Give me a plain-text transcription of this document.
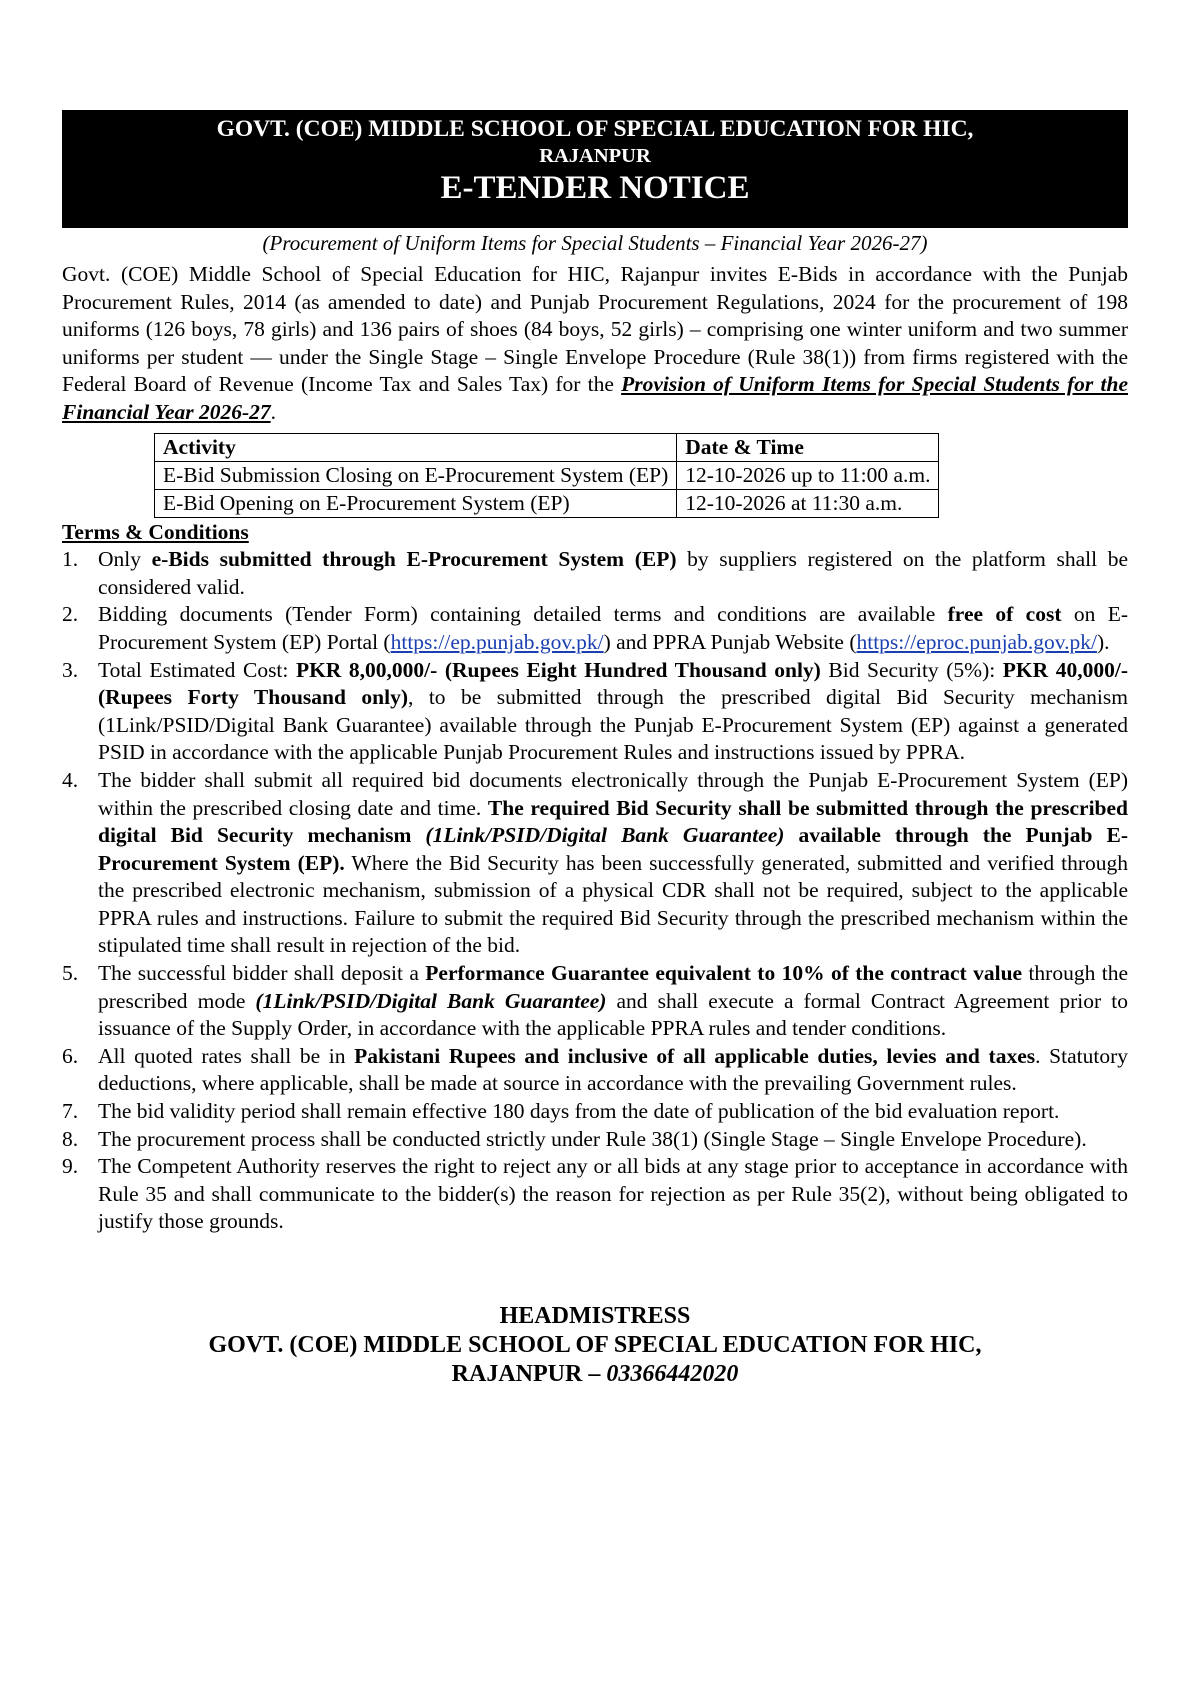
GOVT. (COE) MIDDLE SCHOOL OF SPECIAL EDUCATION FOR HIC,
RAJANPUR
E-TENDER NOTICE
(Procurement of Uniform Items for Special Students – Financial Year 2026-27)
Govt. (COE) Middle School of Special Education for HIC, Rajanpur invites E-Bids in accordance with the Punjab Procurement Rules, 2014 (as amended to date) and Punjab Procurement Regulations, 2024 for the procurement of 198 uniforms (126 boys, 78 girls) and 136 pairs of shoes (84 boys, 52 girls) – comprising one winter uniform and two summer uniforms per student — under the Single Stage – Single Envelope Procedure (Rule 38(1)) from firms registered with the Federal Board of Revenue (Income Tax and Sales Tax) for the Provision of Uniform Items for Special Students for the Financial Year 2026-27.
Activity	Date & Time
E-Bid Submission Closing on E-Procurement System (EP)	12-10-2026 up to 11:00 a.m.
E-Bid Opening on E-Procurement System (EP)	12-10-2026 at 11:30 a.m.
Terms & Conditions
1. Only e-Bids submitted through E-Procurement System (EP) by suppliers registered on the platform shall be considered valid.
2. Bidding documents (Tender Form) containing detailed terms and conditions are available free of cost on E-Procurement System (EP) Portal (https://ep.punjab.gov.pk/) and PPRA Punjab Website (https://eproc.punjab.gov.pk/).
3. Total Estimated Cost: PKR 8,00,000/- (Rupees Eight Hundred Thousand only) Bid Security (5%): PKR 40,000/- (Rupees Forty Thousand only), to be submitted through the prescribed digital Bid Security mechanism (1Link/PSID/Digital Bank Guarantee) available through the Punjab E-Procurement System (EP) against a generated PSID in accordance with the applicable Punjab Procurement Rules and instructions issued by PPRA.
4. The bidder shall submit all required bid documents electronically through the Punjab E-Procurement System (EP) within the prescribed closing date and time. The required Bid Security shall be submitted through the prescribed digital Bid Security mechanism (1Link/PSID/Digital Bank Guarantee) available through the Punjab E-Procurement System (EP). Where the Bid Security has been successfully generated, submitted and verified through the prescribed electronic mechanism, submission of a physical CDR shall not be required, subject to the applicable PPRA rules and instructions. Failure to submit the required Bid Security through the prescribed mechanism within the stipulated time shall result in rejection of the bid.
5. The successful bidder shall deposit a Performance Guarantee equivalent to 10% of the contract value through the prescribed mode (1Link/PSID/Digital Bank Guarantee) and shall execute a formal Contract Agreement prior to issuance of the Supply Order, in accordance with the applicable PPRA rules and tender conditions.
6. All quoted rates shall be in Pakistani Rupees and inclusive of all applicable duties, levies and taxes. Statutory deductions, where applicable, shall be made at source in accordance with the prevailing Government rules.
7. The bid validity period shall remain effective 180 days from the date of publication of the bid evaluation report.
8. The procurement process shall be conducted strictly under Rule 38(1) (Single Stage – Single Envelope Procedure).
9. The Competent Authority reserves the right to reject any or all bids at any stage prior to acceptance in accordance with Rule 35 and shall communicate to the bidder(s) the reason for rejection as per Rule 35(2), without being obligated to justify those grounds.
HEADMISTRESS
GOVT. (COE) MIDDLE SCHOOL OF SPECIAL EDUCATION FOR HIC,
RAJANPUR – 03366442020
